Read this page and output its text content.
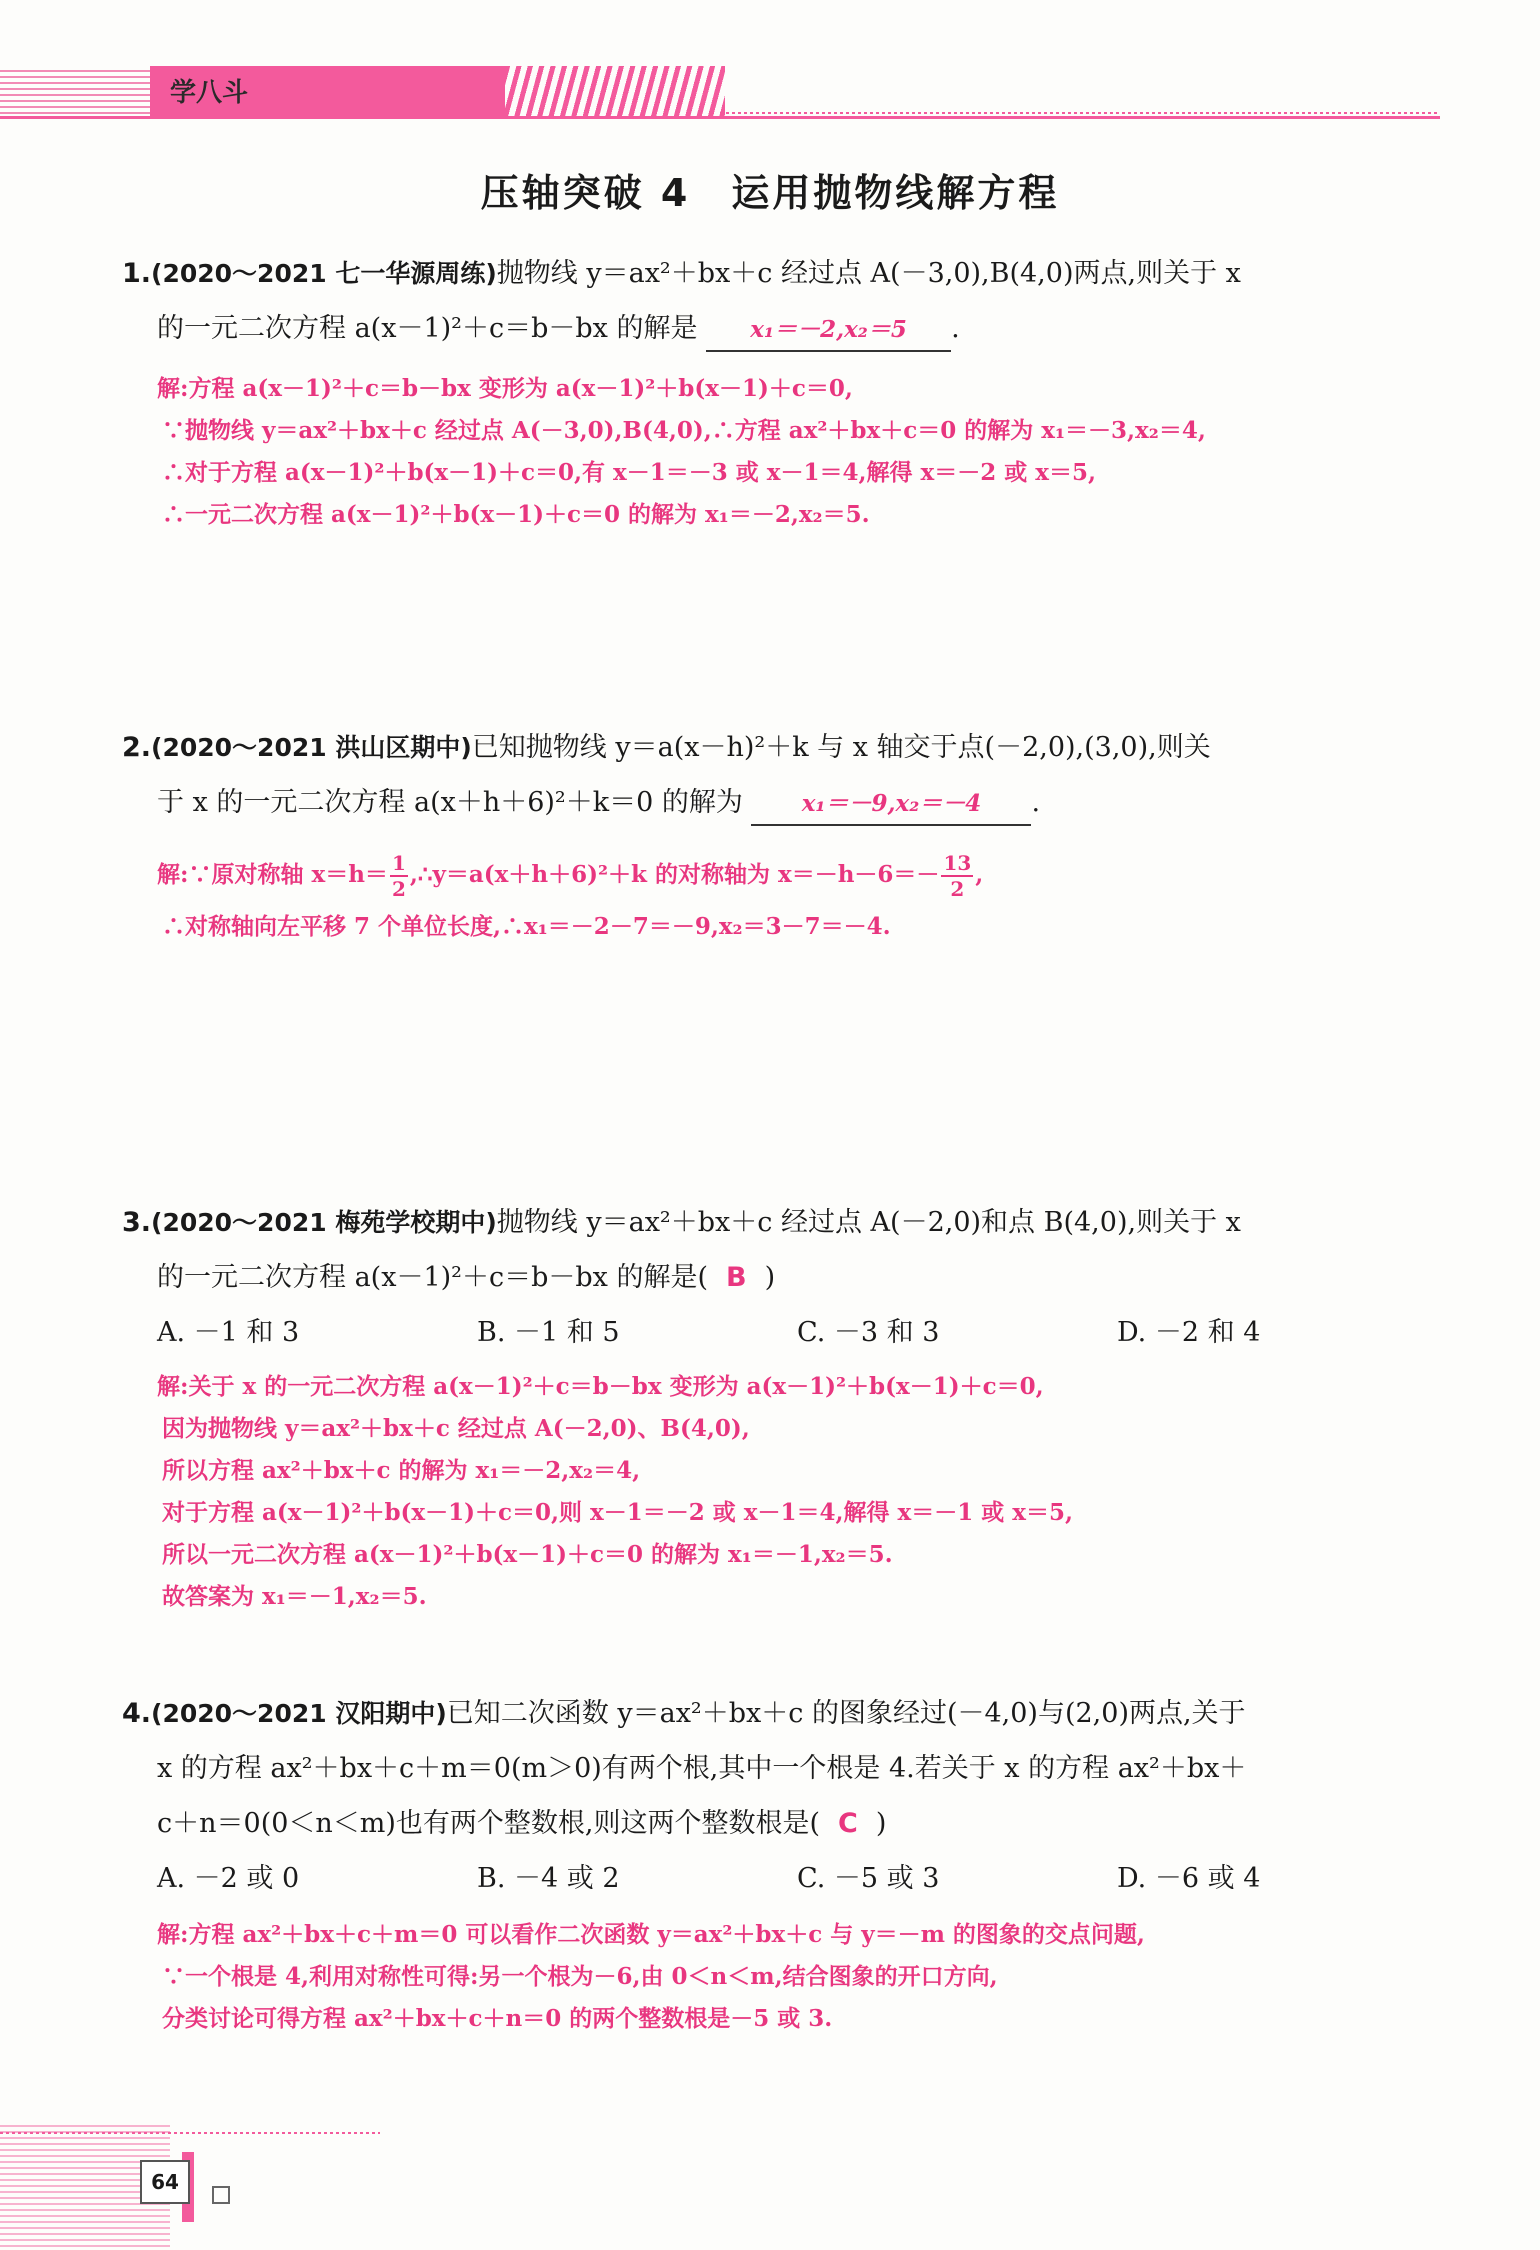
学八斗
压轴突破 4　运用抛物线解方程
1.(2020～2021 七一华源周练)抛物线 y＝ax²＋bx＋c 经过点 A(－3,0),B(4,0)两点,则关于 x
的一元二次方程 a(x－1)²＋c＝b－bx 的解是 x₁＝－2,x₂＝5 .
解:方程 a(x－1)²＋c＝b－bx 变形为 a(x－1)²＋b(x－1)＋c＝0,
∵抛物线 y＝ax²＋bx＋c 经过点 A(－3,0),B(4,0),∴方程 ax²＋bx＋c＝0 的解为 x₁＝－3,x₂＝4,
∴对于方程 a(x－1)²＋b(x－1)＋c＝0,有 x－1＝－3 或 x－1＝4,解得 x＝－2 或 x＝5,
∴一元二次方程 a(x－1)²＋b(x－1)＋c＝0 的解为 x₁＝－2,x₂＝5.
2.(2020～2021 洪山区期中)已知抛物线 y＝a(x－h)²＋k 与 x 轴交于点(－2,0),(3,0),则关
于 x 的一元二次方程 a(x＋h＋6)²＋k＝0 的解为	x₁＝－9,x₂＝－4 .
解:∵原对称轴 $x=h= \frac{1}{2}$ ,∴y＝a(x＋h＋6)²＋k 的对称轴为 $x=-h-6=- \frac{13}{2}$ ,
∴对称轴向左平移 7 个单位长度,∴x₁＝－2－7＝－9,x₂＝3－7＝－4.
3.(2020～2021 梅苑学校期中)抛物线 y＝ax²＋bx＋c 经过点 A(－2,0)和点 B(4,0),则关于 x
的一元二次方程 a(x－1)²＋c＝b－bx 的解是( B )
A. －1 和 3	B. －1 和 5	C. －3 和 3	D. －2 和 4
解:关于 x 的一元二次方程 a(x－1)²＋c＝b－bx 变形为 a(x－1)²＋b(x－1)＋c＝0,
因为抛物线 y＝ax²＋bx＋c 经过点 A(－2,0)、B(4,0),
所以方程 ax²＋bx＋c 的解为 x₁＝－2,x₂＝4,
对于方程 a(x－1)²＋b(x－1)＋c＝0,则 x－1＝－2 或 x－1＝4,解得 x＝－1 或 x＝5,
所以一元二次方程 a(x－1)²＋b(x－1)＋c＝0 的解为 x₁＝－1,x₂＝5.
故答案为 x₁＝－1,x₂＝5.
4.(2020～2021 汉阳期中)已知二次函数 y＝ax²＋bx＋c 的图象经过(－4,0)与(2,0)两点,关于
x 的方程 ax²＋bx＋c＋m＝0(m＞0)有两个根,其中一个根是 4.若关于 x 的方程 ax²＋bx＋
c＋n＝0(0＜n＜m)也有两个整数根,则这两个整数根是( C )
A. －2 或 0	B. －4 或 2	C. －5 或 3	D. －6 或 4
解:方程 ax²＋bx＋c＋m＝0 可以看作二次函数 y＝ax²＋bx＋c 与 y＝－m 的图象的交点问题,
∵一个根是 4,利用对称性可得:另一个根为－6,由 0＜n＜m,结合图象的开口方向,
分类讨论可得方程 ax²＋bx＋c＋n＝0 的两个整数根是－5 或 3.
64
